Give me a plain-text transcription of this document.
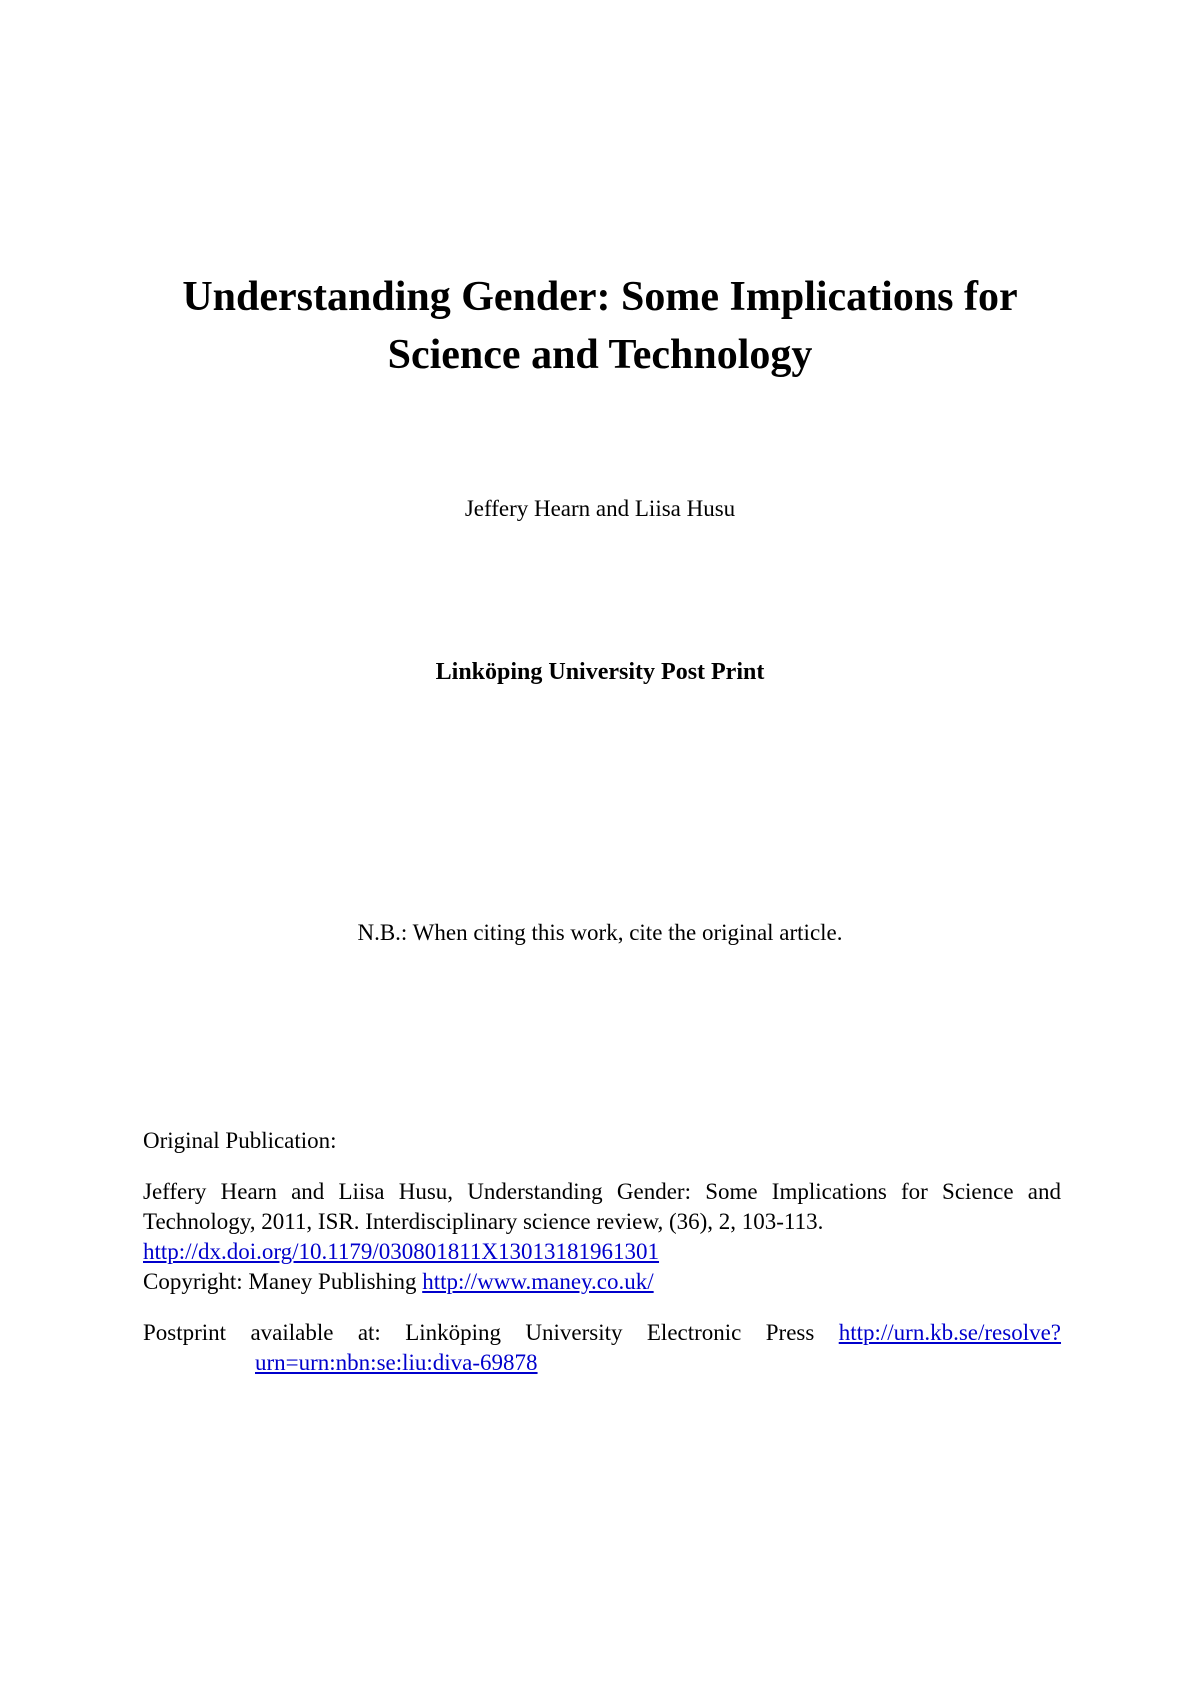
Understanding Gender: Some Implications for
Science and Technology

Jeffery Hearn and Liisa Husu

Linköping University Post Print

N.B.: When citing this work, cite the original article.

Original Publication:

Jeffery Hearn and Liisa Husu, Understanding Gender: Some Implications for Science and
Technology, 2011, ISR. Interdisciplinary science review, (36), 2, 103-113.
http://dx.doi.org/10.1179/030801811X13013181961301
Copyright: Maney Publishing http://www.maney.co.uk/
Postprint available at: Linköping University Electronic Press http://urn.kb.se/resolve?
urn=urn:nbn:se:liu:diva-69878
